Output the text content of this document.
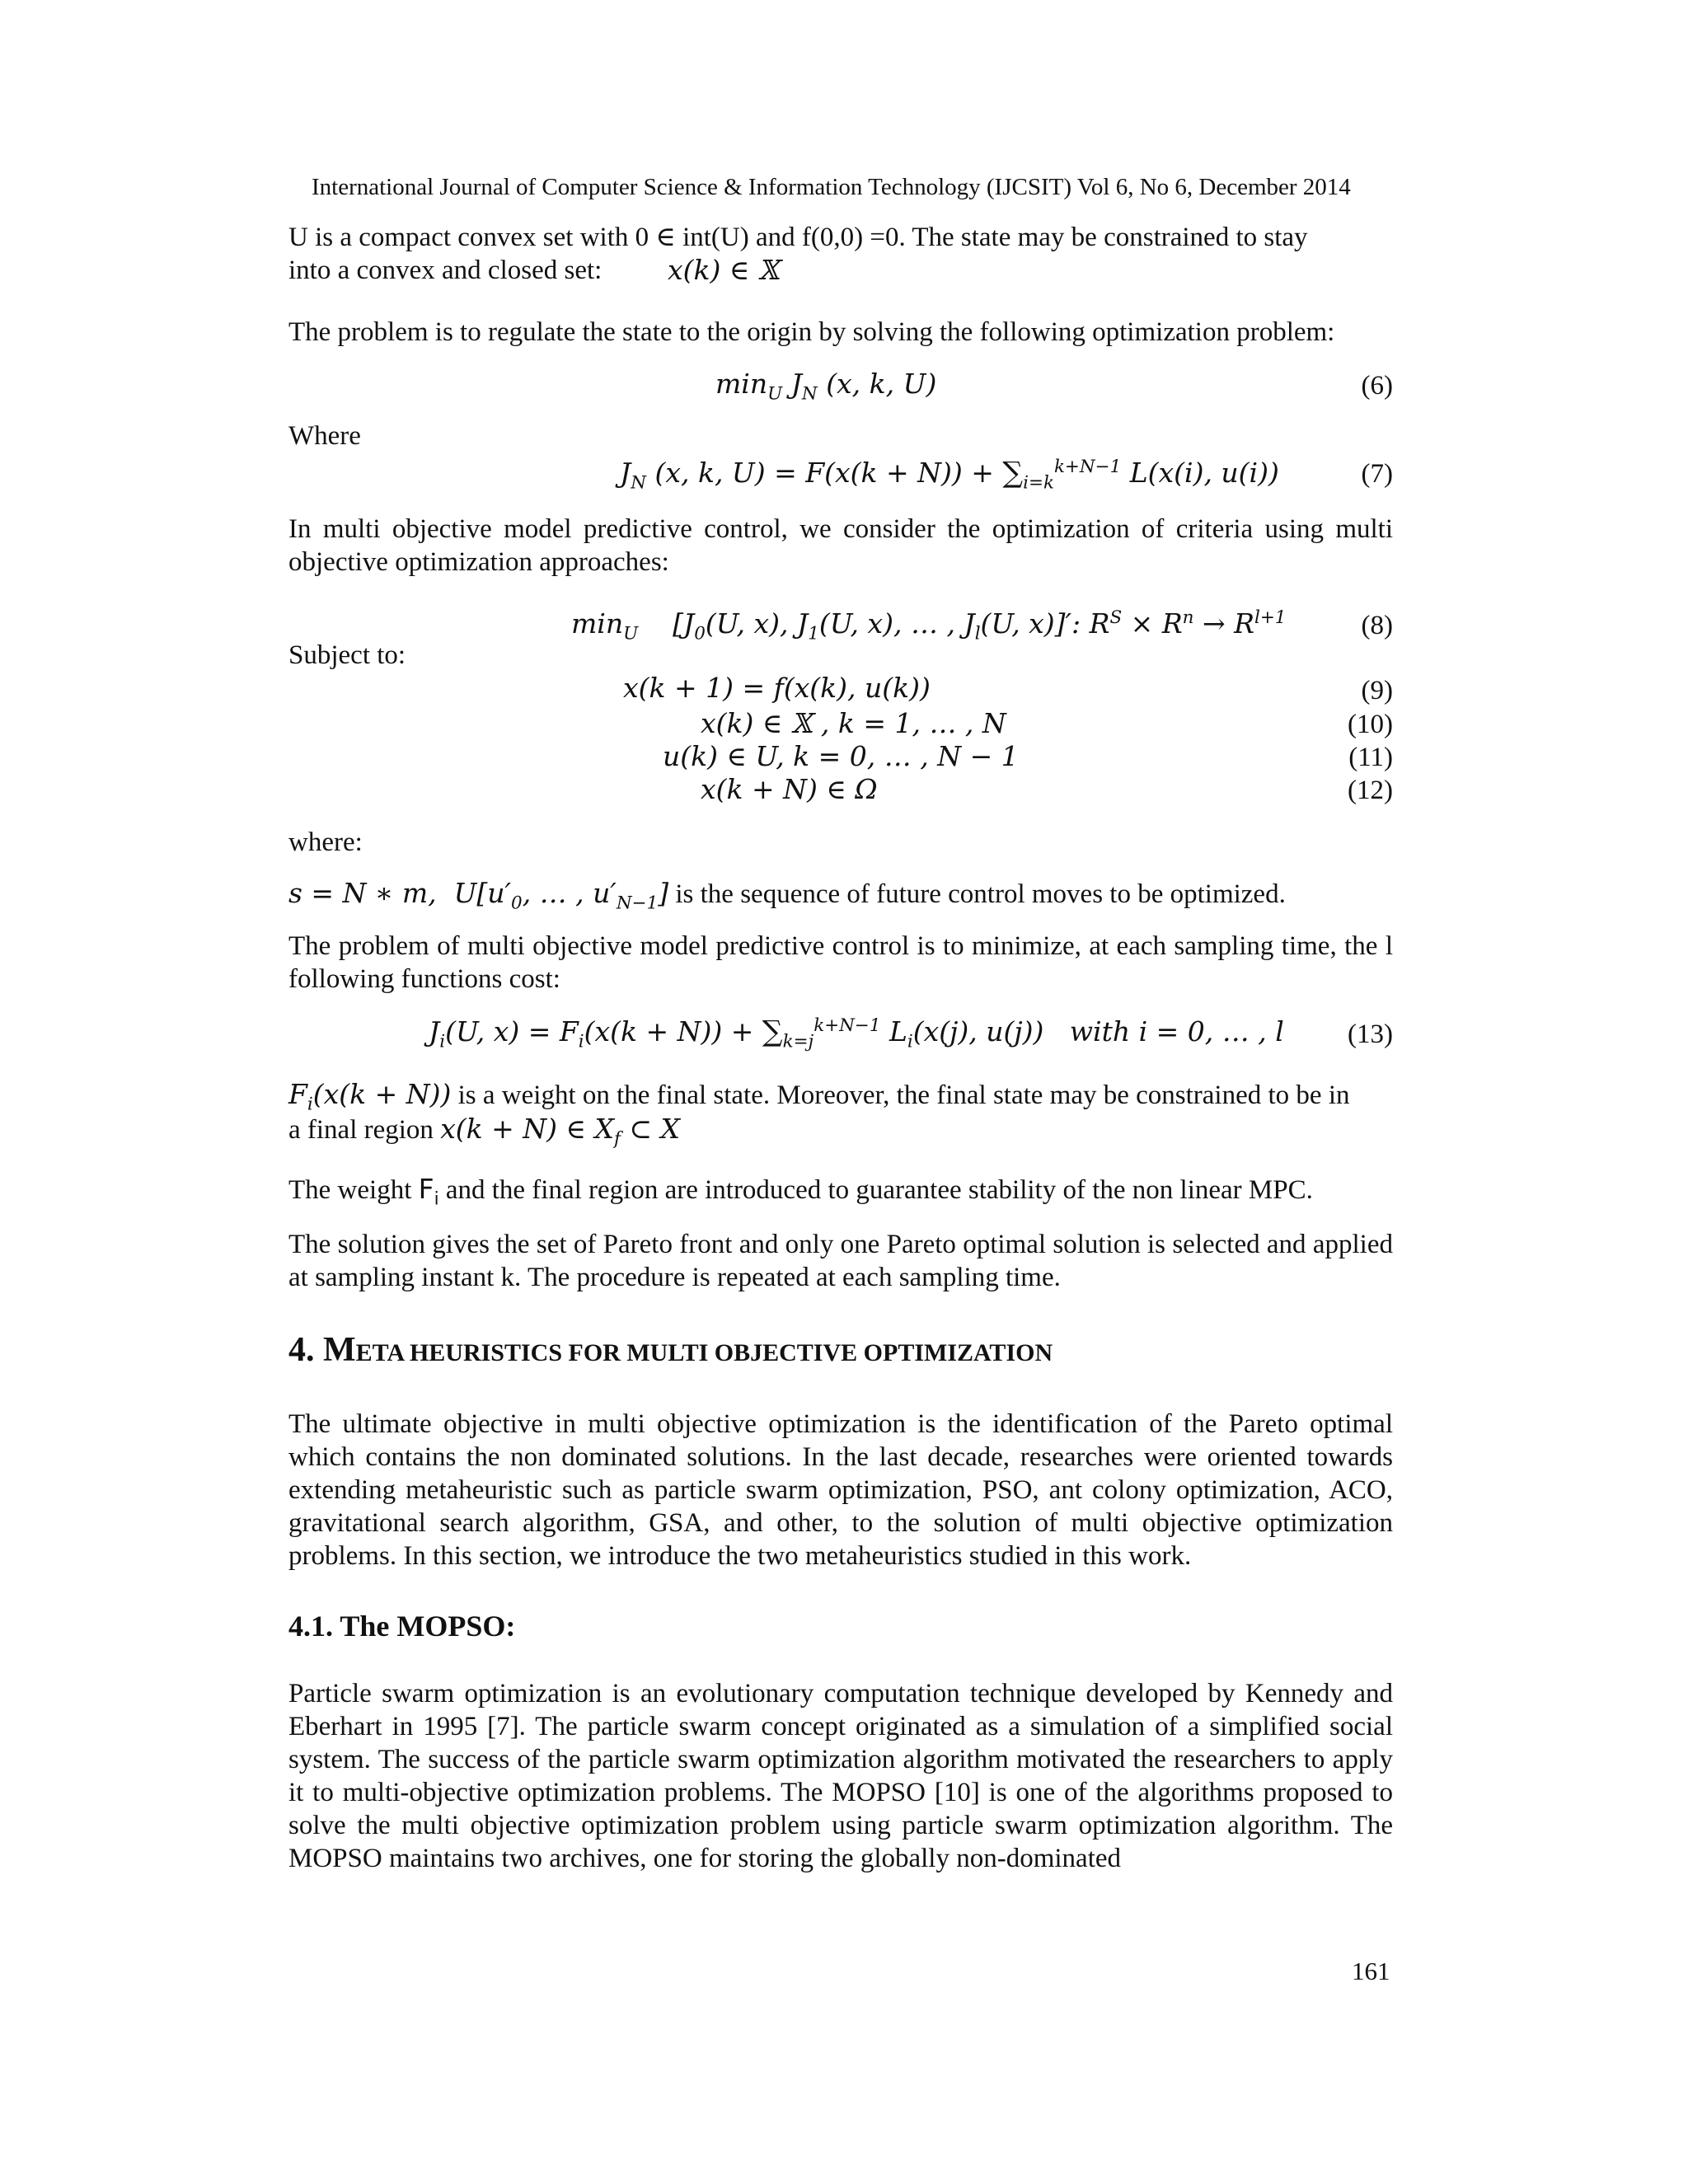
International Journal of Computer Science & Information Technology (IJCSIT) Vol 6, No 6, December 2014
U is a compact convex set with 0 ∈ int(U) and f(0,0) =0. The state may be constrained to stay
into a convex and closed set: x(k) ∈ 𝕏
The problem is to regulate the state to the origin by solving the following optimization problem:
$\min_U J_N$ (x, k, U)	(6)
Where
$J_N$ (x, k, $U) = F(x(k + N)) + \sum_{i=k}^{k+N-1}$ L(x(i), u(i))	(7)
In multi objective model predictive control, we consider the optimization of criteria using multi objective optimization approaches:
$\min_U$    [$J_0(U$, x), $J_1(U$, x), … , $J_l(U$, x)]′: $R^S \times R^n \to R^{l+1}$	(8)
Subject to:
x(k + 1) = f(x(k), u(k))	(9)
x(k) ∈ 𝕏 , k = 1, … , N	(10)
u(k) ∈ U, k = 0, … , N − 1	(11)
x(k + N) ∈ Ω	(12)
where:
s = N ∗ m,  $U[u'_0$, … , $u'_{N-1}$] is the sequence of future control moves to be optimized.
The problem of multi objective model predictive control is to minimize, at each sampling time, the l following functions cost:
$J_i(U$, $x) = F_i(x(k + N)) + \sum_{k=j}^{k+N-1}$ $L_i(x(j)$, u(j))   with i = 0, … , l (13)
$F_i(x(k + N))$ is a weight on the final state. Moreover, the final state may be constrained to be in
a final region x(k + N) ∈ $X_f$ ⊂ X
The weight $F_i$ and the final region are introduced to guarantee stability of the non linear MPC.
The solution gives the set of Pareto front and only one Pareto optimal solution is selected and applied at sampling instant k. The procedure is repeated at each sampling time.
4. META HEURISTICS FOR MULTI OBJECTIVE OPTIMIZATION
The ultimate objective in multi objective optimization is the identification of the Pareto optimal which contains the non dominated solutions. In the last decade, researches were oriented towards extending metaheuristic such as particle swarm optimization, PSO, ant colony optimization, ACO, gravitational search algorithm, GSA, and other, to the solution of multi objective optimization problems. In this section, we introduce the two metaheuristics studied in this work.
4.1. The MOPSO:
Particle swarm optimization is an evolutionary computation technique developed by Kennedy and Eberhart in 1995 [7]. The particle swarm concept originated as a simulation of a simplified social system. The success of the particle swarm optimization algorithm motivated the researchers to apply it to multi-objective optimization problems. The MOPSO [10] is one of the algorithms proposed to solve the multi objective optimization problem using particle swarm optimization algorithm. The MOPSO maintains two archives, one for storing the globally non-dominated
161
